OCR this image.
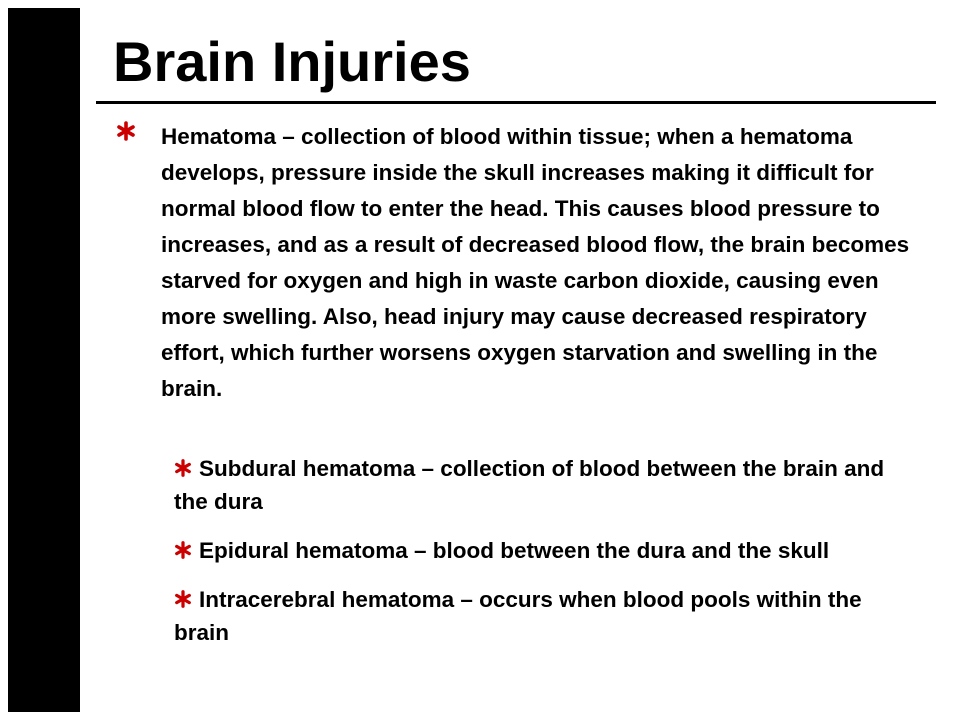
Brain Injuries
Hematoma – collection of blood within tissue; when a hematoma develops, pressure inside the skull increases making it difficult for normal blood flow to enter the head. This causes blood pressure to increases, and as a result of decreased blood flow, the brain becomes starved for oxygen and high in waste carbon dioxide, causing even more swelling. Also, head injury may cause decreased respiratory effort, which further worsens oxygen starvation and swelling in the brain.
Subdural hematoma – collection of blood between the brain and the dura
Epidural hematoma – blood between the dura and the skull
Intracerebral hematoma – occurs when blood pools within the brain
